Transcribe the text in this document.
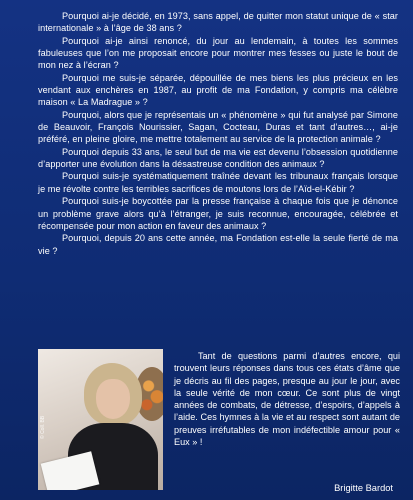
Pourquoi ai-je décidé, en 1973, sans appel, de quitter mon statut unique de « star internationale » à l’âge de 38 ans ?

Pourquoi ai-je ainsi renoncé, du jour au lendemain, à toutes les sommes fabuleuses que l’on me proposait encore pour montrer mes fesses ou juste le bout de mon nez à l’écran ?

Pourquoi me suis-je séparée, dépouillée de mes biens les plus précieux en les vendant aux enchères en 1987, au profit de ma Fondation, y compris ma célèbre maison « La Madrague » ?

Pourquoi, alors que je représentais un « phénomène » qui fut analysé par Simone de Beauvoir, François Nourissier, Sagan, Cocteau, Duras et tant d’autres…, ai-je préféré, en pleine gloire, me mettre totalement au service de la protection animale ?

Pourquoi depuis 33 ans, le seul but de ma vie est devenu l’obsession quotidienne d’apporter une évolution dans la désastreuse condition des animaux ?

Pourquoi suis-je systématiquement traînée devant les tribunaux français lorsque je me révolte contre les terribles sacrifices de moutons lors de l’Aïd-el-Kébir ?

Pourquoi suis-je boycottée par la presse française à chaque fois que je dénonce un problème grave alors qu’à l’étranger, je suis reconnue, encouragée, célébrée et récompensée pour mon action en faveur des animaux ?

Pourquoi, depuis 20 ans cette année, ma Fondation est-elle la seule fierté de ma vie ?

© Coll. BB

Tant de questions parmi d’autres encore, qui trouvent leurs réponses dans tous ces états d’âme que je décris au fil des pages, presque au jour le jour, avec la seule vérité de mon cœur. Ce sont plus de vingt années de combats, de détresse, d’espoirs, d’appels à l’aide. Ces hymnes à la vie et au respect sont autant de preuves irréfutables de mon indéfectible amour pour « Eux » !

Brigitte Bardot
